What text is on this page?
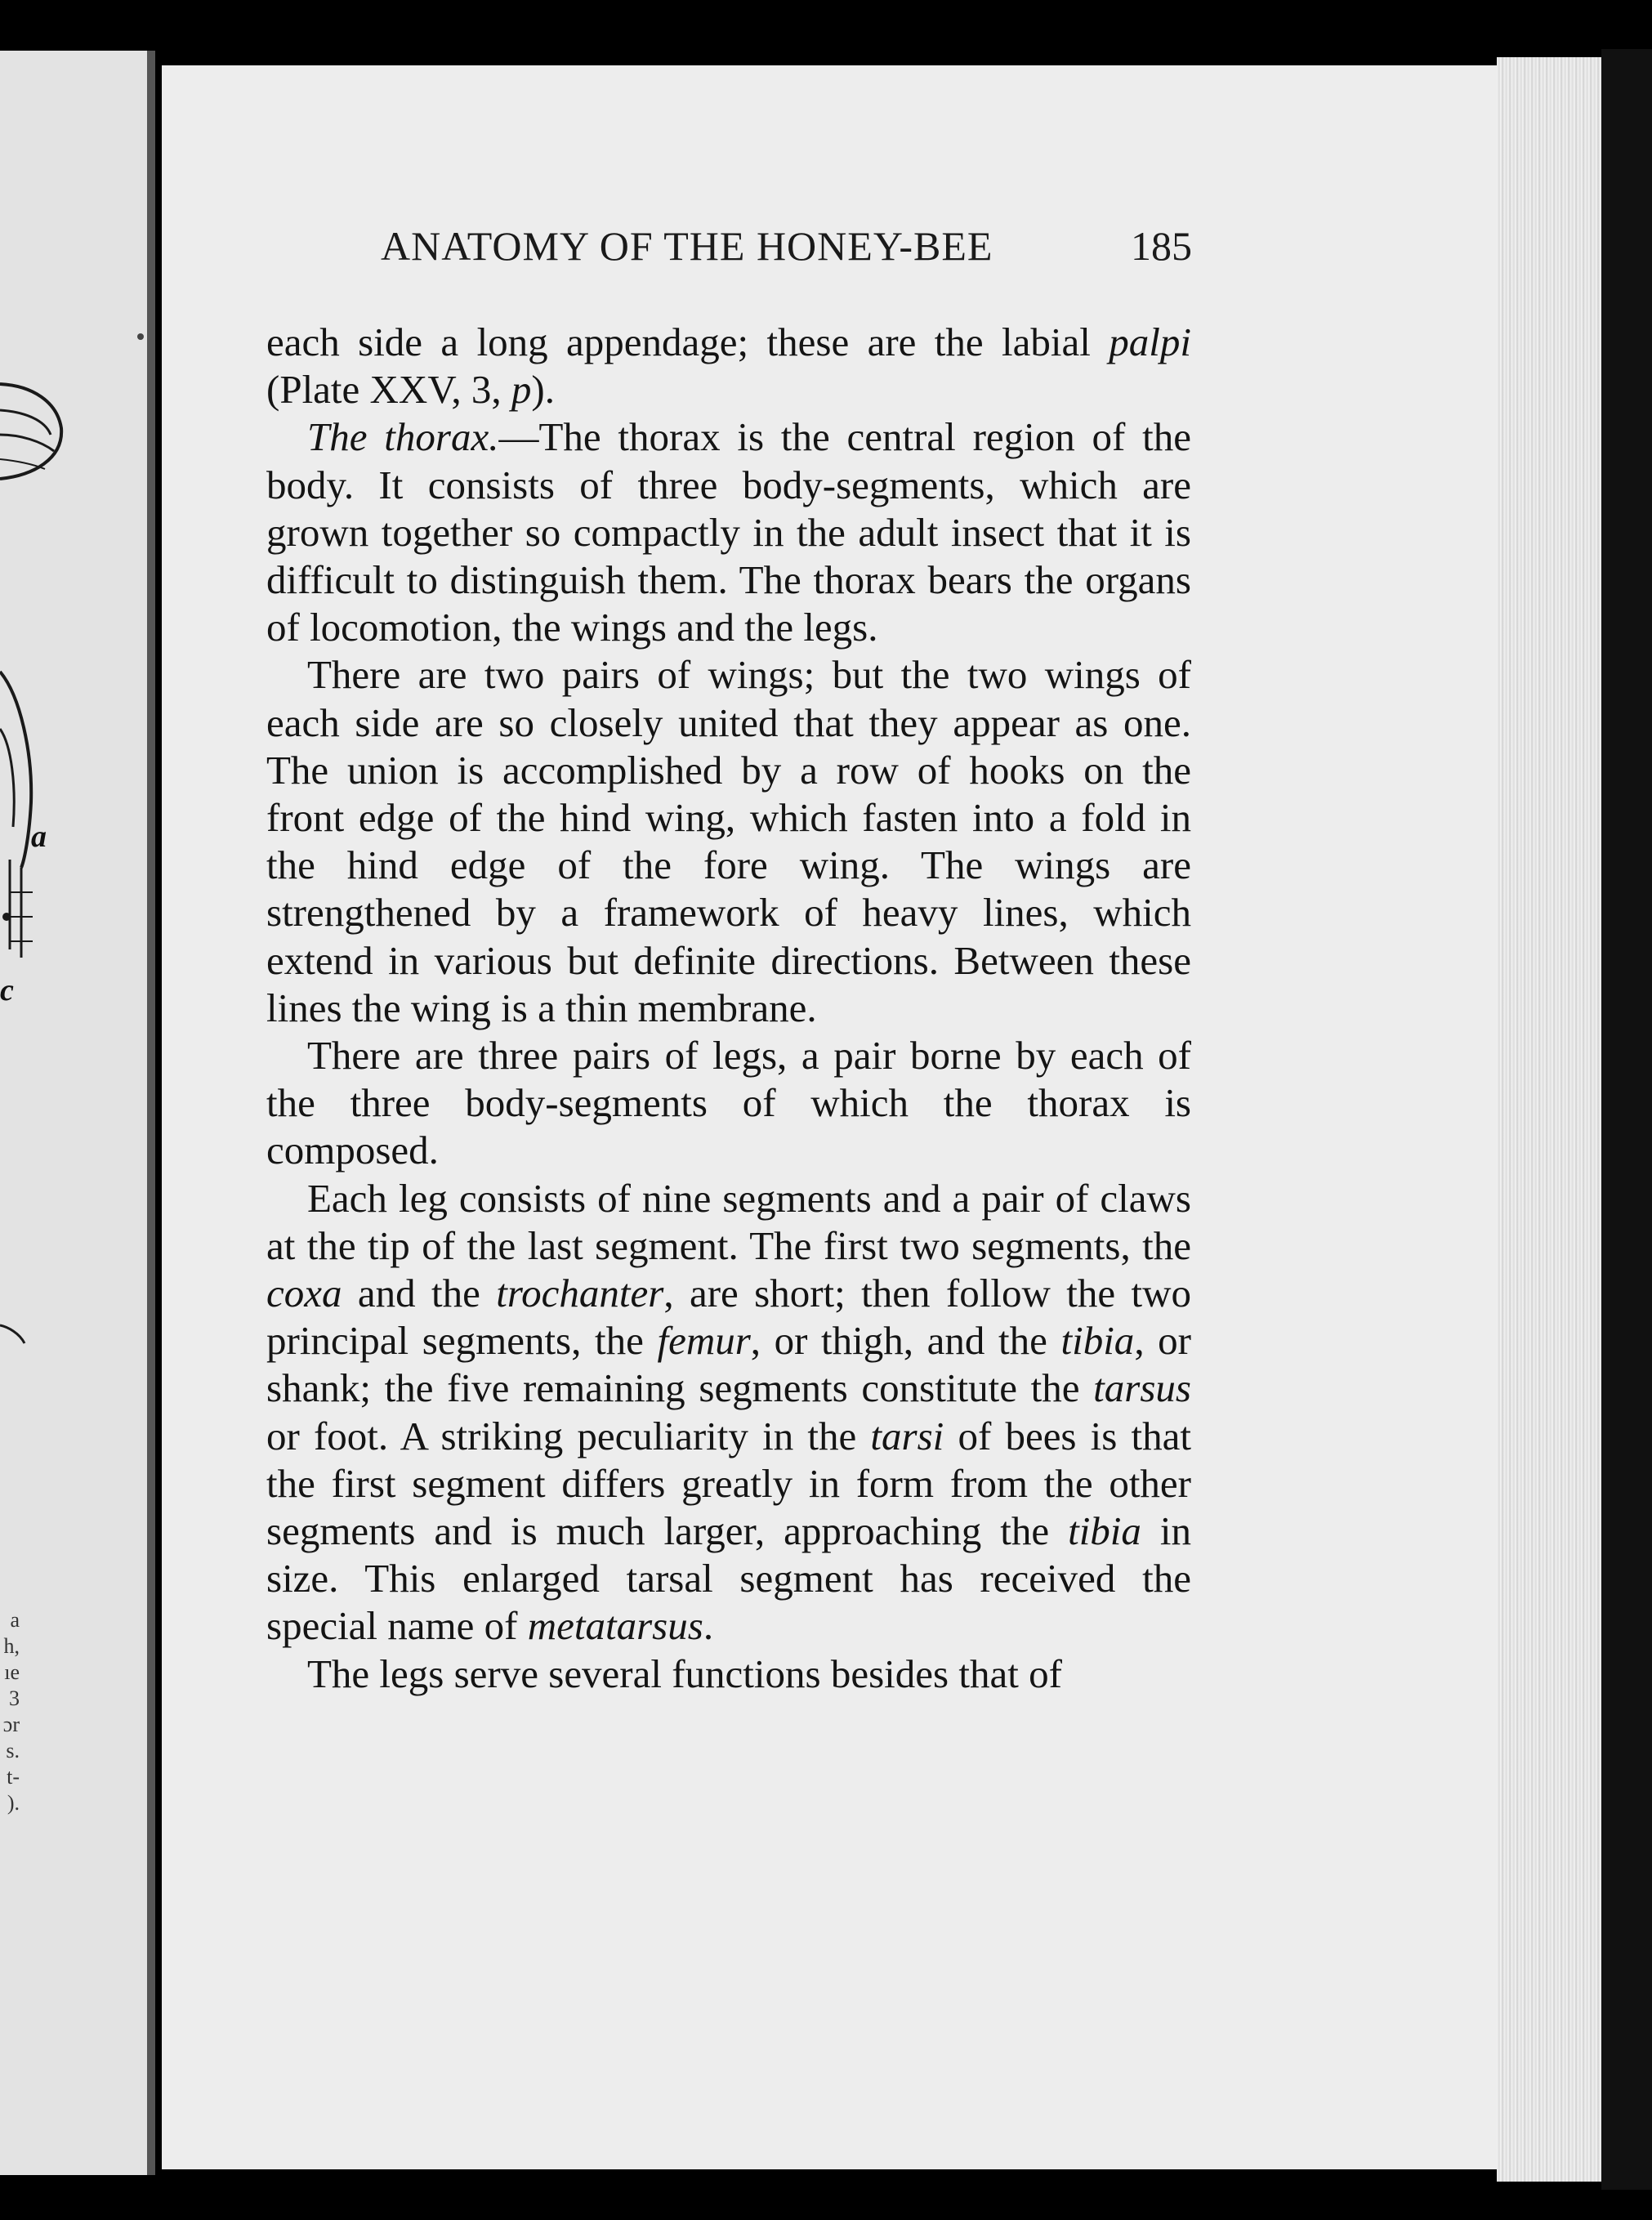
a
c
a
h,
ıe
3
ɔr
s.
t-
).
ANATOMY OF THE HONEY-BEE	185

each side a long appendage; these are the labial palpi (Plate XXV, 3, p).

The thorax.—The thorax is the central region of the body. It consists of three body-segments, which are grown together so compactly in the adult insect that it is difficult to distinguish them. The thorax bears the organs of locomotion, the wings and the legs.

There are two pairs of wings; but the two wings of each side are so closely united that they appear as one. The union is accomplished by a row of hooks on the front edge of the hind wing, which fasten into a fold in the hind edge of the fore wing. The wings are strengthened by a framework of heavy lines, which extend in various but definite directions. Between these lines the wing is a thin membrane.

There are three pairs of legs, a pair borne by each of the three body-segments of which the thorax is composed.

Each leg consists of nine segments and a pair of claws at the tip of the last segment. The first two segments, the coxa and the trochanter, are short; then follow the two principal segments, the femur, or thigh, and the tibia, or shank; the five remaining segments constitute the tarsus or foot. A striking peculiarity in the tarsi of bees is that the first segment differs greatly in form from the other segments and is much larger, approaching the tibia in size. This enlarged tarsal segment has received the special name of metatarsus.

The legs serve several functions besides that of
